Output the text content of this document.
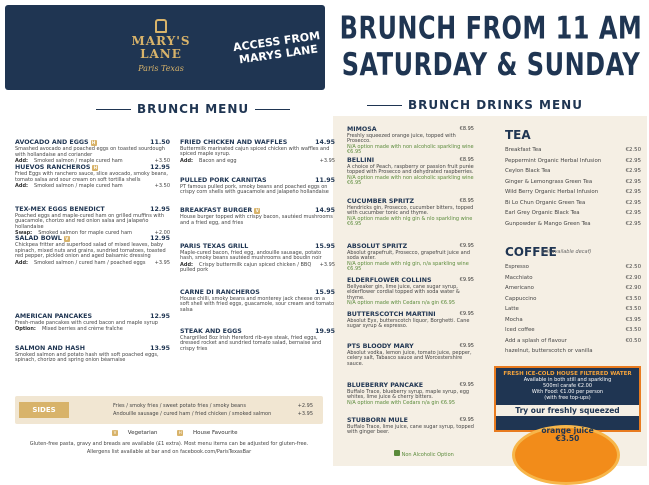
MARY'S
LANE
Paris Texas
ACCESS FROM MARYS LANE
BRUNCH FROM 11 AM
SATURDAY & SUNDAY
BRUNCH MENU
SIDES	Fries / smoky fries / sweet potato fries / smoky beans	+2.95
Andouille sausage / cured ham / fried chicken / smoked salmon	+3.95
V Vegetarian	H House Favourite
Gluten-free pasta, gravy and breads are available (£1 extra). Most menu items can be adjusted for gluten-free.
Allergens list available at bar and on facebook.com/ParisTexasBar
BRUNCH DRINKS MENU
TEA
Breakfast Tea	€2.50
Peppermint Organic Herbal Infusion	€2.95
Ceylon Black Tea	€2.95
Ginger & Lemongrass Green Tea	€2.95
Wild Berry Organic Herbal Infusion	€2.95
Bi Lo Chun Organic Green Tea	€2.95
Earl Grey Organic Black Tea	€2.95
Gunpowder & Mango Green Tea	€2.95
COFFEE
(all available decaf)
Espresso	€2.50
Macchiato	€2.90
Americano	€2.90
Cappuccino	€3.50
Latte	€3.50
Mocha	€3.95
Iced coffee	€3.50
Add a splash of flavour	€0.50
hazelnut, butterscotch or vanilla
FRESH ICE-COLD HOUSE FILTERED WATER
Available in both still and sparkling
500ml carafe €2.00
With Food: €1.00 per person
(with free top-ups)
Try our freshly squeezed
orange juice
€3.50
Non Alcoholic Option
AVOCADO AND EGGS H	11.50
Smashed avocado and poached eggs on toasted sourdough with hollandaise and coriander
Add: Smoked salmon / maple cured ham	+3.50
HUEVOS RANCHEROS H	12.95
Fried Eggs with ranchero sauce, slice avocado, smoky beans, tomato salsa and sour cream on soft tortilla shells
Add: Smoked salmon / maple cured ham	+3.50
TEX-MEX EGGS BENEDICT	12.95
Poached eggs and maple-cured ham on grilled muffins with guacamole, chorizo and red onion salsa and jalapeño hollandaise
Swap: Smoked salmon for maple cured ham	+2.00
SALAD BOWL V	12.95
Chickpea fritter and superfood salad of mixed leaves, baby spinach, mixed nuts and grains, sundried tomatoes, toasted red pepper, pickled onion and aged balsamic dressing
Add: Smoked salmon / cured ham / poached eggs +3.95
AMERICAN PANCAKES	12.95
Fresh-made pancakes with cured bacon and maple syrup
Option: Mixed berries and crème fraîche
SALMON AND HASH	13.95
Smoked salmon and potato hash with soft poached eggs, spinach, chorizo and spring onion béarnaise
FRIED CHICKEN AND WAFFLES	14.95
Buttermilk marinated cajun spiced chicken with waffles and spiced maple syrup.
Add: Bacon and egg	+3.95
PULLED PORK CARNITAS	11.95
PT famous pulled pork, smoky beans and poached eggs on crispy corn shells with guacamole and jalapeño hollandaise
BREAKFAST BURGER V	14.95
House burger topped with crispy bacon, sautéed mushrooms and a fried egg, and fries
PARIS TEXAS GRILL	15.95
Maple-cured bacon, fried egg, andouille sausage, potato hash, smoky beans sautéed mushrooms and boudin noir
Add: Crispy buttermilk cajun spiced chicken / BBQ pulled pork
+3.95
CARNE DI RANCHEROS	15.95
House chilli, smoky beans and monterey jack cheese on a soft shell with fried eggs, guacamole, sour cream and tomato salsa
STEAK AND EGGS	19.95
Chargrilled 8oz Irish Hereford rib-eye steak, fried eggs, dressed rocket and sundried tomato salad, bernaise and crispy fries
MIMOSA	€8.95
Freshly squeezed orange juice, topped with Prosecco.
N/A option made with non alcoholic sparkling wine €6.95
BELLINI	€8.95
A choice of Peach, raspberry or passion fruit purée topped with Prosecco and dehydrated raspberries.
N/A option made with non alcoholic sparkling wine €6.95
CUCUMBER SPRITZ	€8.95
Hendricks gin, Prosecco, cucumber bitters, topped with cucumber tonic and thyme.
N/A option made with nlg gin & nlo sparkling wine €6.95
ABSOLUT SPRITZ	€9.95
Absolut grapefruit, Prosecco, grapefruit juice and soda water.
N/A option made with nlg gin, n/a sparkling wine €6.95
ELDERFLOWER COLLINS	€9.95
Bellyeaker gin, lime juice, cane sugar syrup, elderflower cordial topped with soda water & thyme.
N/A option made with Cedars n/a gin €6.95
BUTTERSCOTCH MARTINI	€9.95
Absolut Eyx, butterscotch liquor, Borghetti. Cane sugar syrup & espresso.
PTS BLOODY MARY	€9.95
Absolut vodka, lemon juice, tomato juice, pepper, celery salt, Tabasco sauce and Worcestershire sauce.
BLUEBERRY PANCAKE	€9.95
Buffalo Trace, blueberry syrup, maple syrup, egg whites, lime juice & cherry bitters.
N/A option made with Cedars n/a gin €6.95
STUBBORN MULE	€9.95
Buffalo Trace, lime juice, cane sugar syrup, topped with ginger beer.
